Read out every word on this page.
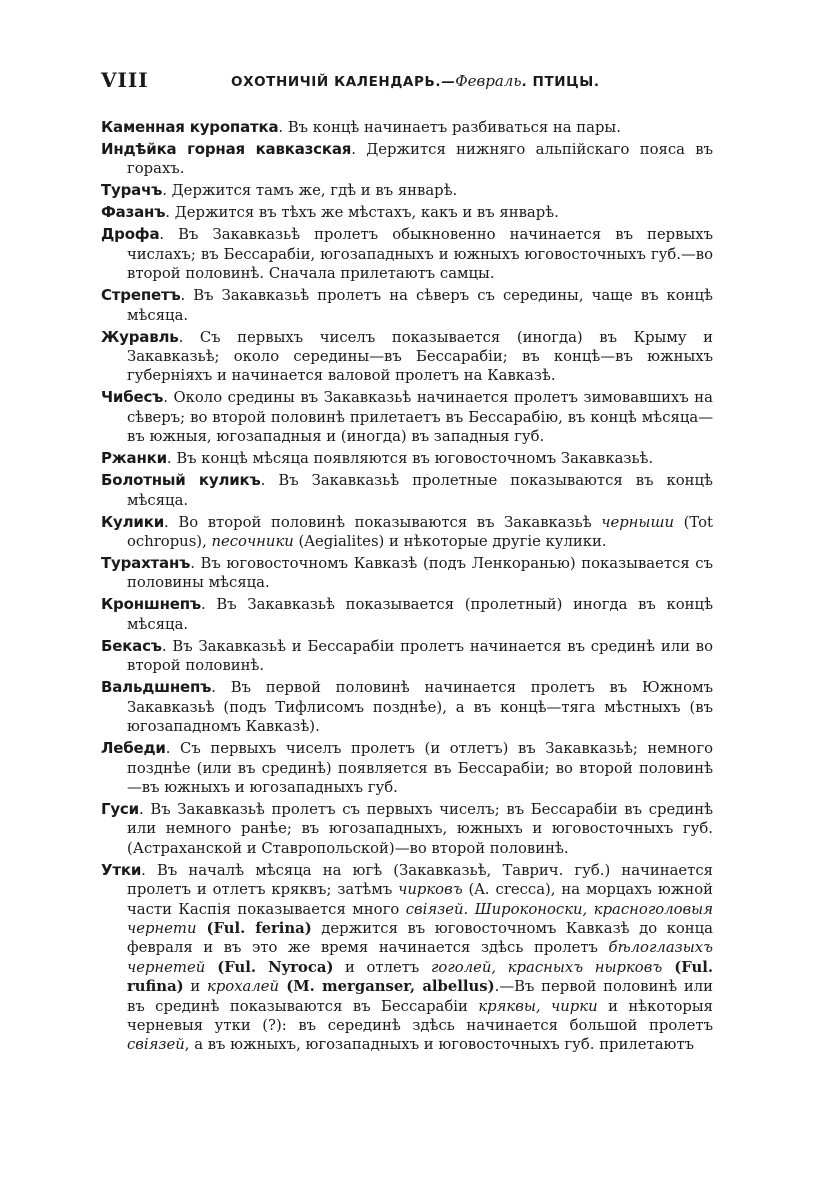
VIII	ОХОТНИЧІЙ КАЛЕНДАРЬ.—Февраль. ПТИЦЫ.

Каменная куропатка. Въ концѣ начинаетъ разбиваться на пары.

Индѣйка горная кавказская. Держится нижняго альпійскаго пояса въ горахъ.

Турачъ. Держится тамъ же, гдѣ и въ январѣ.

Фазанъ. Держится въ тѣхъ же мѣстахъ, какъ и въ январѣ.

Дрофа. Въ Закавказьѣ пролетъ обыкновенно начинается въ первыхъ числахъ; въ Бессарабіи, югозападныхъ и южныхъ юговосточныхъ губ.—во второй половинѣ. Сначала прилетаютъ самцы.

Стрепетъ. Въ Закавказьѣ пролетъ на сѣверъ съ середины, чаще въ концѣ мѣсяца.

Журавль. Съ первыхъ чиселъ показывается (иногда) въ Крыму и Закавказьѣ; около середины—въ Бессарабіи; въ концѣ—въ южныхъ губерніяхъ и начинается валовой пролетъ на Кавказѣ.

Чибесъ. Около средины въ Закавказьѣ начинается пролетъ зимовавшихъ на сѣверъ; во второй половинѣ прилетаетъ въ Бессарабію, въ концѣ мѣсяца—въ южныя, югозападныя и (иногда) въ западныя губ.

Ржанки. Въ концѣ мѣсяца появляются въ юговосточномъ Закавказьѣ.

Болотный куликъ. Въ Закавказьѣ пролетные показываются въ концѣ мѣсяца.

Кулики. Во второй половинѣ показываются въ Закавказьѣ черныши (Tot ochropus), песочники (Aegialites) и нѣкоторые другіе кулики.

Турахтанъ. Въ юговосточномъ Кавказѣ (подъ Ленкоранью) показывается съ половины мѣсяца.

Кроншнепъ. Въ Закавказьѣ показывается (пролетный) иногда въ концѣ мѣсяца.

Бекасъ. Въ Закавказьѣ и Бессарабіи пролетъ начинается въ срединѣ или во второй половинѣ.

Вальдшнепъ. Въ первой половинѣ начинается пролетъ въ Южномъ Закавказьѣ (подъ Тифлисомъ позднѣе), а въ концѣ—тяга мѣстныхъ (въ югозападномъ Кавказѣ).

Лебеди. Съ первыхъ чиселъ пролетъ (и отлетъ) въ Закавказьѣ; немного позднѣе (или въ срединѣ) появляется въ Бессарабіи; во второй половинѣ—въ южныхъ и югозападныхъ губ.

Гуси. Въ Закавказьѣ пролетъ съ первыхъ чиселъ; въ Бессарабіи въ срединѣ или немного ранѣе; въ югозападныхъ, южныхъ и юговосточныхъ губ. (Астраханской и Ставропольской)—во второй половинѣ.

Утки. Въ началѣ мѣсяца на югѣ (Закавказьѣ, Таврич. губ.) начинается пролетъ и отлетъ кряквъ; затѣмъ чирковъ (A. crecca), на морцахъ южной части Каспія показывается много свіязей. Широконоски, красноголовыя чернети (Ful. ferina) держится въ юговосточномъ Кавказѣ до конца февраля и въ это же время начинается здѣсь пролетъ бѣлоглазыхъ чернетей (Ful. Nyroca) и отлетъ гоголей, красныхъ нырковъ (Ful. rufina) и крохалей (M. merganser, albellus).—Въ первой половинѣ или въ срединѣ показываются въ Бессарабіи кряквы, чирки и нѣкоторыя черневыя утки (?): въ серединѣ здѣсь начинается большой пролетъ свіязей, а въ южныхъ, югозападныхъ и юговосточныхъ губ. прилетаютъ
